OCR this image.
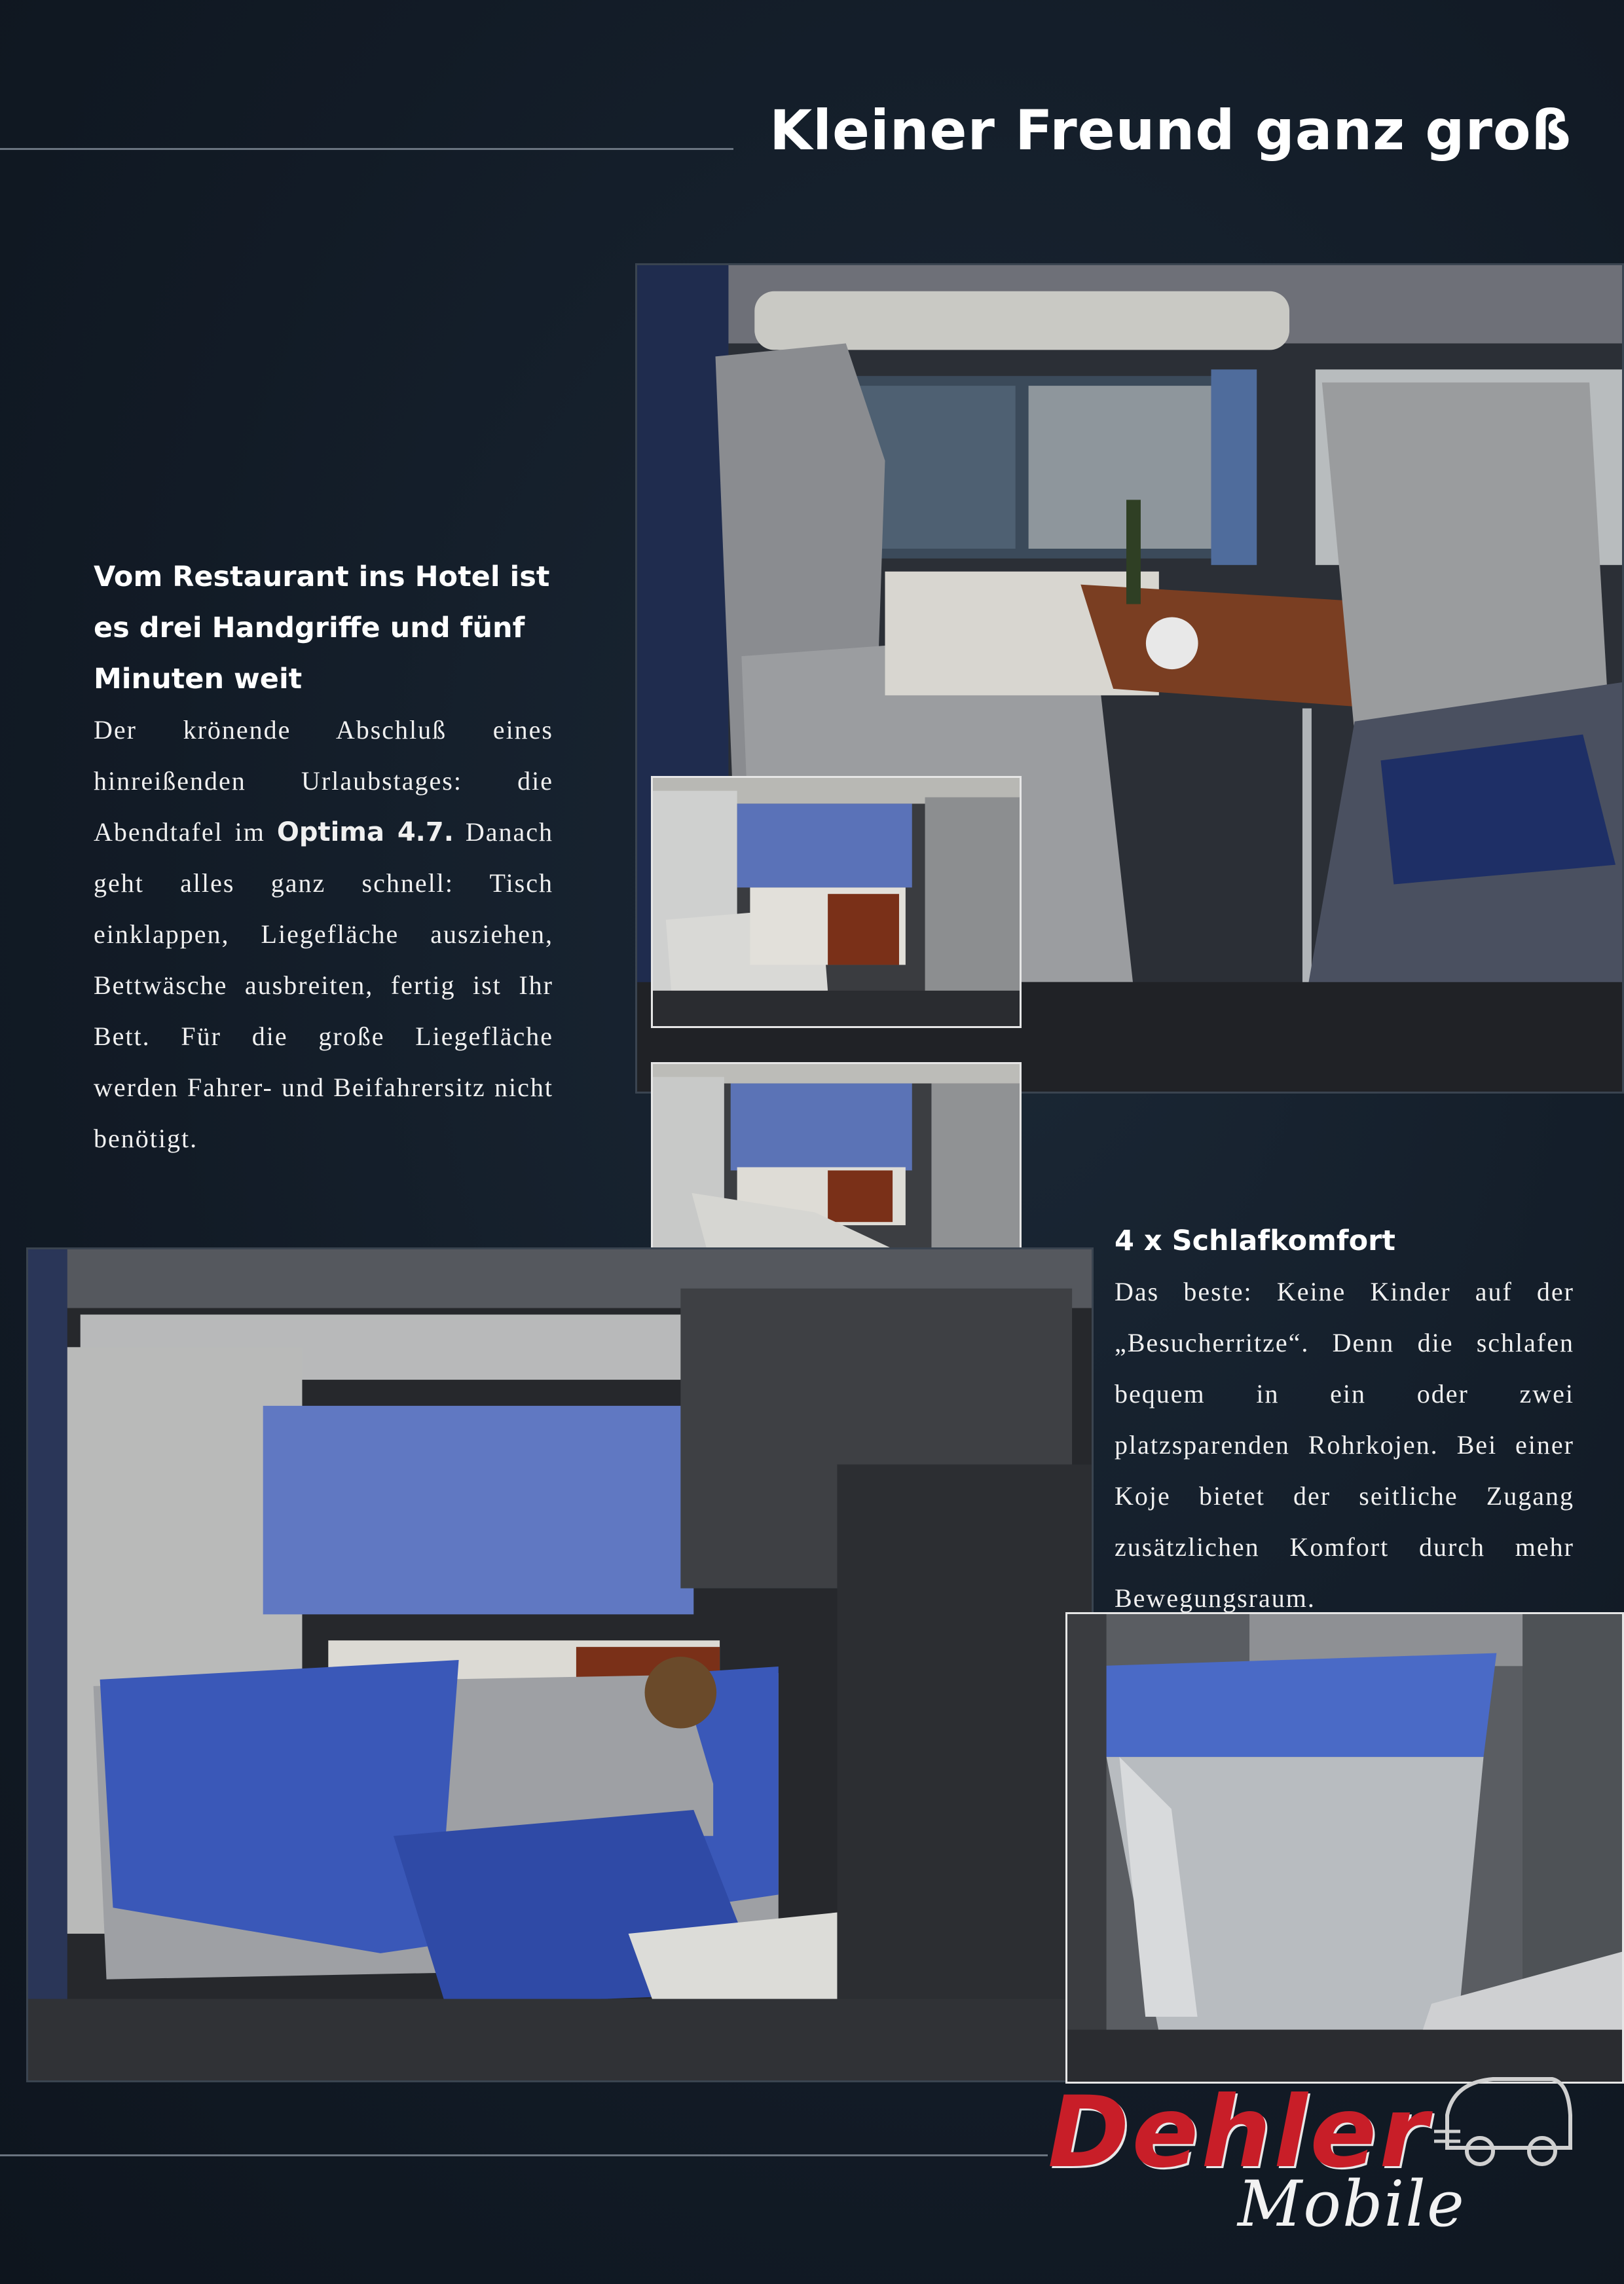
Kleiner Freund ganz groß

Vom Restaurant ins Hotel ist es drei Handgriffe und fünf Minuten weit

Der krönende Abschluß eines hinreißenden Urlaubstages: die Abendtafel im Optima 4.7. Danach geht alles ganz schnell: Tisch einklappen, Liegefläche ausziehen, Bettwäsche ausbreiten, fertig ist Ihr Bett. Für die große Liegefläche werden Fahrer- und Beifahrersitz nicht benötigt.

4 x Schlafkomfort

Das beste: Keine Kinder auf der „Besucherritze“. Denn die schlafen bequem in ein oder zwei platzsparenden Rohrkojen. Bei einer Koje bietet der seitliche Zugang zusätzlichen Komfort durch mehr Bewegungsraum.

Dehler
Mobile
